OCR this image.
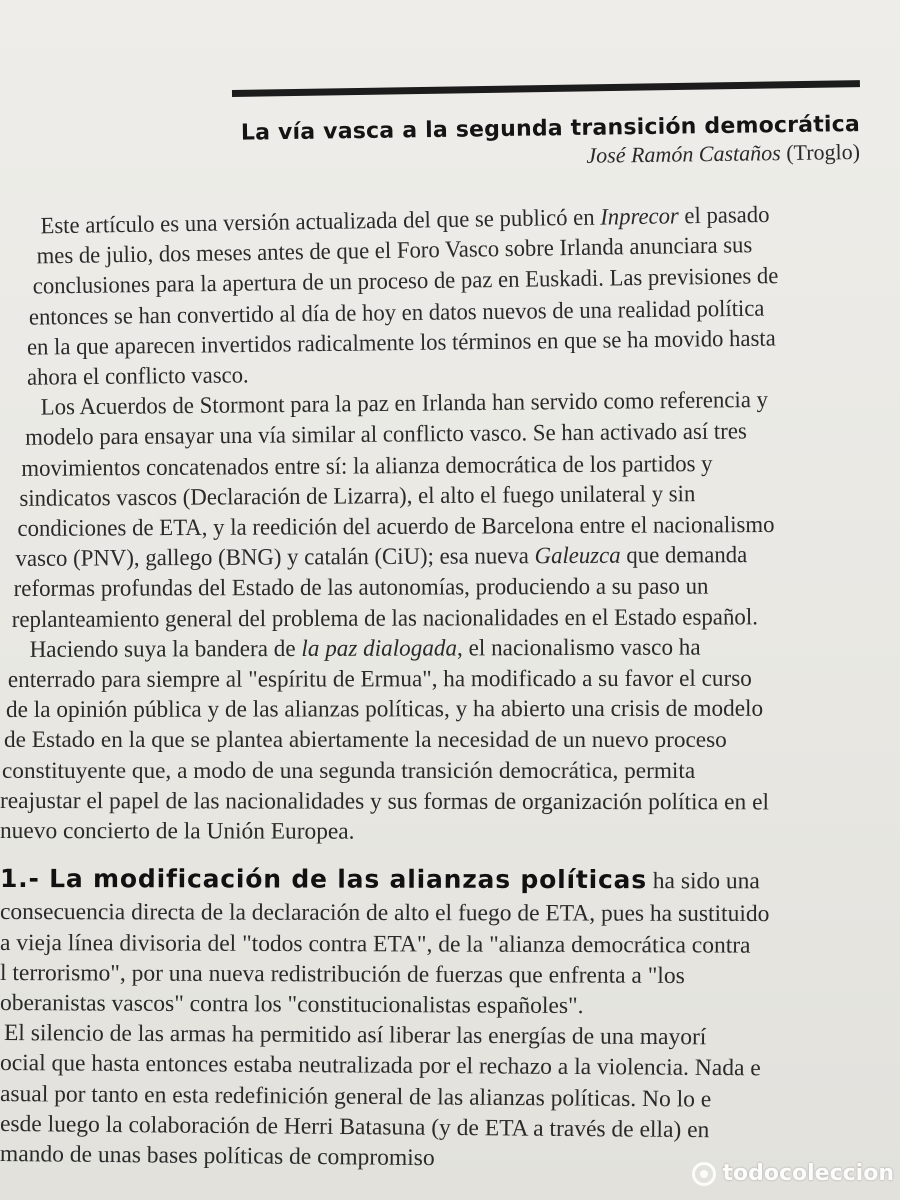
La vía vasca a la segunda transición democrática
José Ramón Castaños (Troglo)
Este artículo es una versión actualizada del que se publicó en Inprecor el pasado
mes de julio, dos meses antes de que el Foro Vasco sobre Irlanda anunciara sus
conclusiones para la apertura de un proceso de paz en Euskadi. Las previsiones de
entonces se han convertido al día de hoy en datos nuevos de una realidad política
en la que aparecen invertidos radicalmente los términos en que se ha movido hasta
ahora el conflicto vasco.
Los Acuerdos de Stormont para la paz en Irlanda han servido como referencia y
modelo para ensayar una vía similar al conflicto vasco. Se han activado así tres
movimientos concatenados entre sí: la alianza democrática de los partidos y
sindicatos vascos (Declaración de Lizarra), el alto el fuego unilateral y sin
condiciones de ETA, y la reedición del acuerdo de Barcelona entre el nacionalismo
vasco (PNV), gallego (BNG) y catalán (CiU); esa nueva Galeuzca que demanda
reformas profundas del Estado de las autonomías, produciendo a su paso un
replanteamiento general del problema de las nacionalidades en el Estado español.
Haciendo suya la bandera de la paz dialogada, el nacionalismo vasco ha
enterrado para siempre al "espíritu de Ermua", ha modificado a su favor el curso
de la opinión pública y de las alianzas políticas, y ha abierto una crisis de modelo
de Estado en la que se plantea abiertamente la necesidad de un nuevo proceso
constituyente que, a modo de una segunda transición democrática, permita
reajustar el papel de las nacionalidades y sus formas de organización política en el
nuevo concierto de la Unión Europea.
1.- La modificación de las alianzas políticas ha sido una
consecuencia directa de la declaración de alto el fuego de ETA, pues ha sustituido
a vieja línea divisoria del "todos contra ETA", de la "alianza democrática contra
l terrorismo", por una nueva redistribución de fuerzas que enfrenta a "los
oberanistas vascos" contra los "constitucionalistas españoles".
El silencio de las armas ha permitido así liberar las energías de una mayorí
ocial que hasta entonces estaba neutralizada por el rechazo a la violencia. Nada e
asual por tanto en esta redefinición general de las alianzas políticas. No lo e
esde luego la colaboración de Herri Batasuna (y de ETA a través de ella) en
mando de unas bases políticas de compromiso
todocoleccion
